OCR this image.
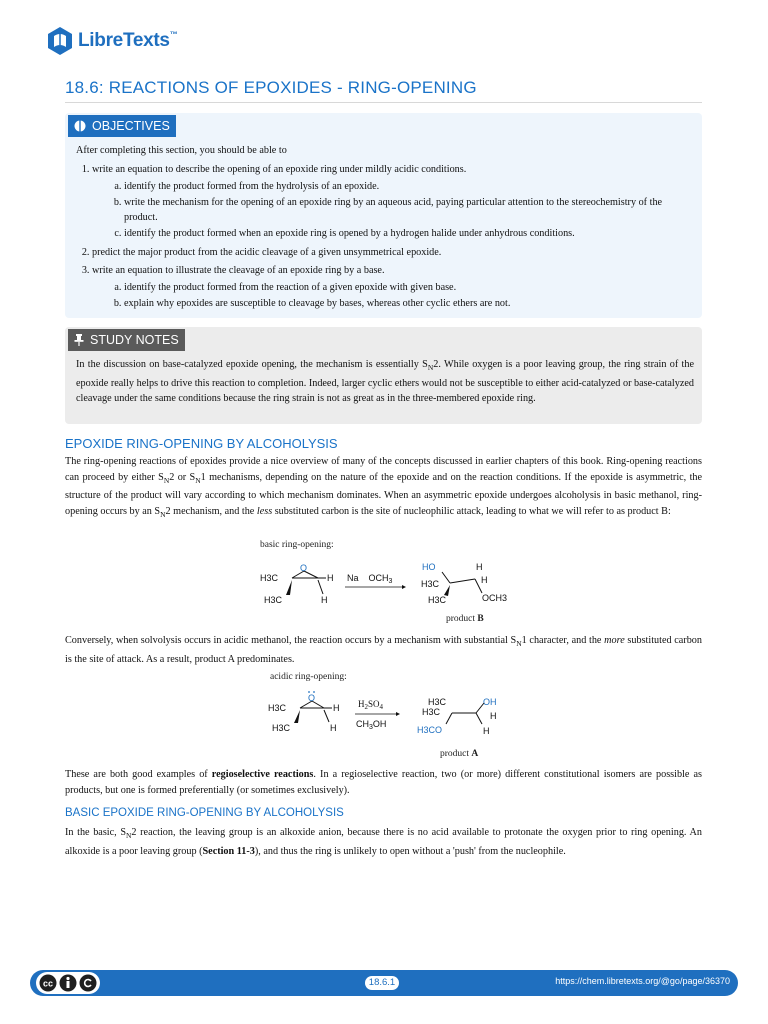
LibreTexts™
18.6: REACTIONS OF EPOXIDES - RING-OPENING
OBJECTIVES
After completing this section, you should be able to
1. write an equation to describe the opening of an epoxide ring under mildly acidic conditions.
a. identify the product formed from the hydrolysis of an epoxide.
b. write the mechanism for the opening of an epoxide ring by an aqueous acid, paying particular attention to the stereochemistry of the product.
c. identify the product formed when an epoxide ring is opened by a hydrogen halide under anhydrous conditions.
2. predict the major product from the acidic cleavage of a given unsymmetrical epoxide.
3. write an equation to illustrate the cleavage of an epoxide ring by a base.
a. identify the product formed from the reaction of a given epoxide with given base.
b. explain why epoxides are susceptible to cleavage by bases, whereas other cyclic ethers are not.
STUDY NOTES
In the discussion on base-catalyzed epoxide opening, the mechanism is essentially $S_N2$. While oxygen is a poor leaving group, the ring strain of the epoxide really helps to drive this reaction to completion. Indeed, larger cyclic ethers would not be susceptible to either acid-catalyzed or base-catalyzed cleavage under the same conditions because the ring strain is not as great as in the three-membered epoxide ring.
EPOXIDE RING-OPENING BY ALCOHOLYSIS

The ring-opening reactions of epoxides provide a nice overview of many of the concepts discussed in earlier chapters of this book. Ring-opening reactions can proceed by either $S_N2$ or $S_N1$ mechanisms, depending on the nature of the epoxide and on the reaction conditions. If the epoxide is asymmetric, the structure of the product will vary according to which mechanism dominates. When an asymmetric epoxide undergoes alcoholysis in basic methanol, ring-opening occurs by an $S_N2$ mechanism, and the less substituted carbon is the site of nucleophilic attack, leading to what we will refer to as product B:

basic ring-opening:
H3C
H3C
O
H
H
Na $OCH_3$
HO	H
H3C
H3C	OCH3
H
product B

Conversely, when solvolysis occurs in acidic methanol, the reaction occurs by a mechanism with substantial $S_N1$ character, and the more substituted carbon is the site of attack. As a result, product A predominates.

acidic ring-opening:
H3C
H3C
O
H
H
$H_2SO_4$
$CH_3OH$
H3C
H3C
H3CO
OH
H
H
product A

These are both good examples of regioselective reactions. In a regioselective reaction, two (or more) different constitutional isomers are possible as products, but one is formed preferentially (or sometimes exclusively).

BASIC EPOXIDE RING-OPENING BY ALCOHOLYSIS

In the basic, $S_N2$ reaction, the leaving group is an alkoxide anion, because there is no acid available to protonate the oxygen prior to ring opening. An alkoxide is a poor leaving group (Section 11-3), and thus the ring is unlikely to open without a 'push' from the nucleophile.

cc	18.6.1	https://chem.libretexts.org/@go/page/36370
